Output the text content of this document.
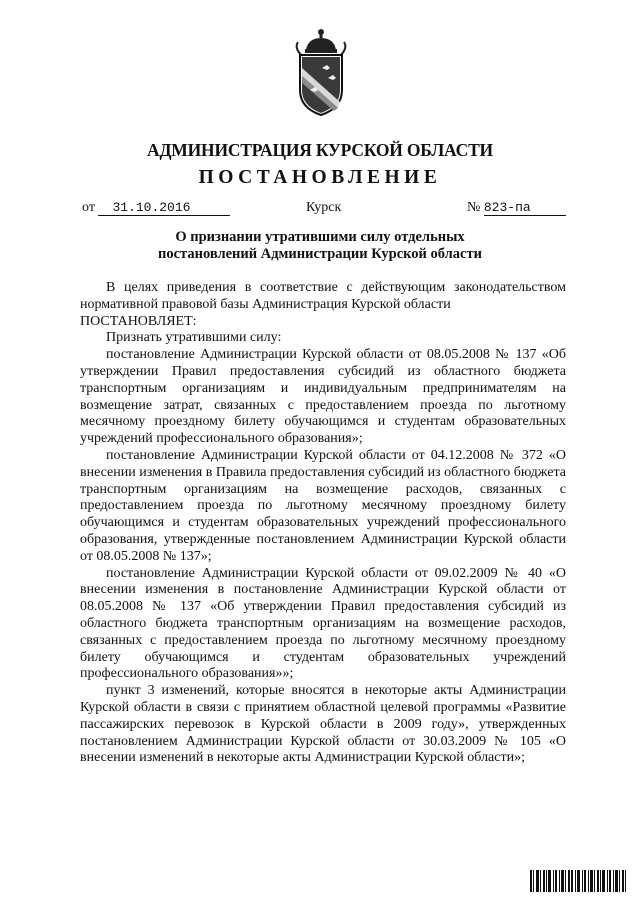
АДМИНИСТРАЦИЯ КУРСКОЙ ОБЛАСТИ
ПОСТАНОВЛЕНИЕ
от 31.10.2016	Курск	№ 823-па
О признании утратившими силу отдельных
постановлений Администрации Курской области

В целях приведения в соответствие с действующим законодательством нормативной правовой базы Администрация Курской области

ПОСТАНОВЛЯЕТ:

Признать утратившими силу:

постановление Администрации Курской области от 08.05.2008 № 137 «Об утверждении Правил предоставления субсидий из областного бюджета транспортным организациям и индивидуальным предпринимателям на возмещение затрат, связанных с предоставлением проезда по льготному месячному проездному билету обучающимся и студентам образовательных учреждений профессионального образования»;

постановление Администрации Курской области от 04.12.2008 № 372 «О внесении изменения в Правила предоставления субсидий из областного бюджета транспортным организациям на возмещение расходов, связанных с предоставлением проезда по льготному месячному проездному билету обучающимся и студентам образовательных учреждений профессионального образования, утвержденные постановлением Администрации Курской области от 08.05.2008 № 137»;

постановление Администрации Курской области от 09.02.2009 № 40 «О внесении изменения в постановление Администрации Курской области от 08.05.2008 № 137 «Об утверждении Правил предоставления субсидий из областного бюджета транспортным организациям на возмещение расходов, связанных с предоставлением проезда по льготному месячному проездному билету обучающимся и студентам образовательных учреждений профессионального образования»»;

пункт 3 изменений, которые вносятся в некоторые акты Администрации Курской области в связи с принятием областной целевой программы «Развитие пассажирских перевозок в Курской области в 2009 году», утвержденных постановлением Администрации Курской области от 30.03.2009 № 105 «О внесении изменений в некоторые акты Администрации Курской области»;
